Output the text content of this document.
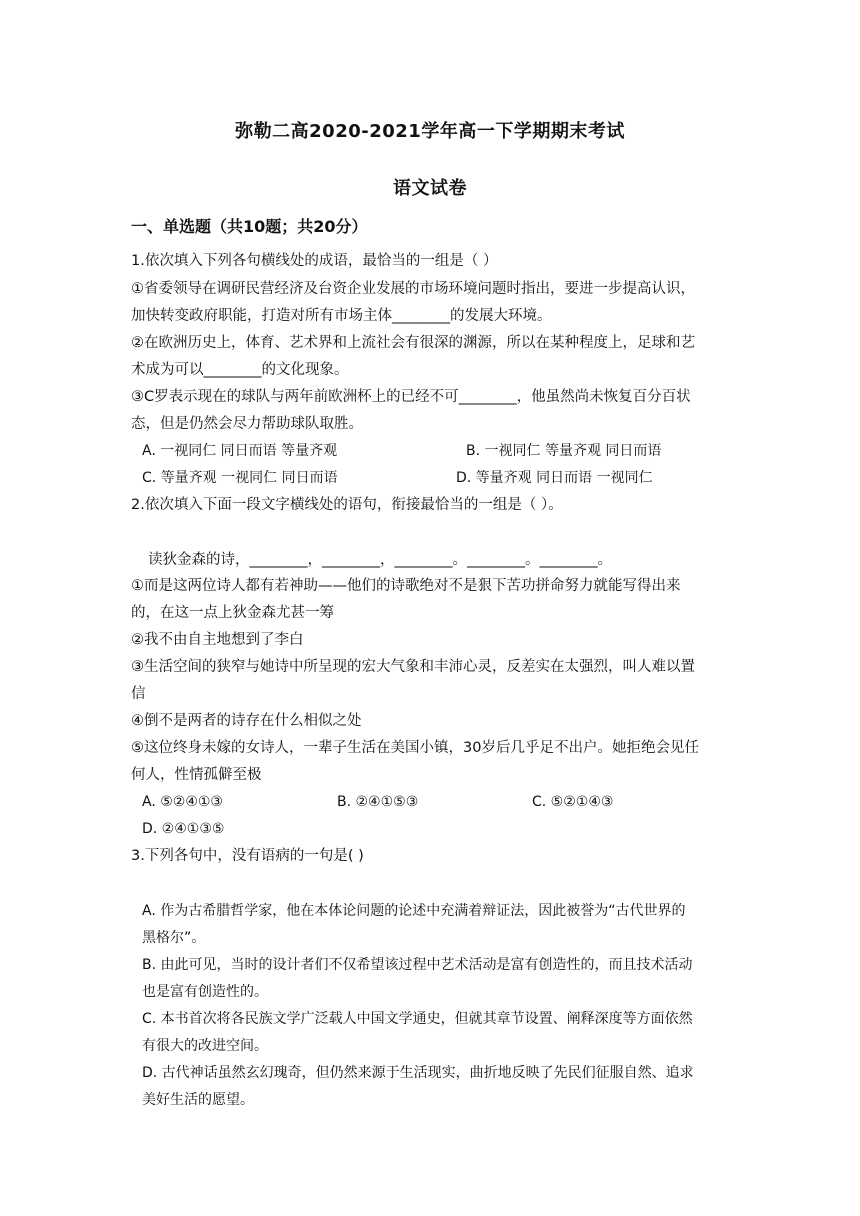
弥勒二高2020-2021学年高一下学期期末考试
语文试卷
一、单选题（共10题；共20分）
1.依次填入下列各句横线处的成语，最恰当的一组是（ ）
①省委领导在调研民营经济及台资企业发展的市场环境问题时指出，要进一步提高认识，
加快转变政府职能，打造对所有市场主体________的发展大环境。
②在欧洲历史上，体育、艺术界和上流社会有很深的渊源，所以在某种程度上，足球和艺
术成为可以________的文化现象。
③C罗表示现在的球队与两年前欧洲杯上的已经不可________，他虽然尚未恢复百分百状
态，但是仍然会尽力帮助球队取胜。
A. 一视同仁 同日而语 等量齐观	B. 一视同仁 等量齐观 同日而语
C. 等量齐观 一视同仁 同日而语	D. 等量齐观 同日而语 一视同仁
2.依次填入下面一段文字横线处的语句，衔接最恰当的一组是（ ）。
读狄金森的诗，________，________，________。________。________。
①而是这两位诗人都有若神助——他们的诗歌绝对不是狠下苦功拼命努力就能写得出来
的，在这一点上狄金森尤甚一筹
②我不由自主地想到了李白
③生活空间的狭窄与她诗中所呈现的宏大气象和丰沛心灵，反差实在太强烈，叫人难以置
信
④倒不是两者的诗存在什么相似之处
⑤这位终身未嫁的女诗人，一辈子生活在美国小镇，30岁后几乎足不出户。她拒绝会见任
何人，性情孤僻至极
A. ⑤②④①③	B. ②④①⑤③	C. ⑤②①④③
D. ②④①③⑤
3.下列各句中，没有语病的一句是( )
A. 作为古希腊哲学家，他在本体论问题的论述中充满着辩证法，因此被誉为“古代世界的
黑格尔”。
B. 由此可见，当时的设计者们不仅希望该过程中艺术活动是富有创造性的，而且技术活动
也是富有创造性的。
C. 本书首次将各民族文学广泛载人中国文学通史，但就其章节设置、阐释深度等方面依然
有很大的改进空间。
D. 古代神话虽然玄幻瑰奇，但仍然来源于生活现实，曲折地反映了先民们征服自然、追求
美好生活的愿望。
